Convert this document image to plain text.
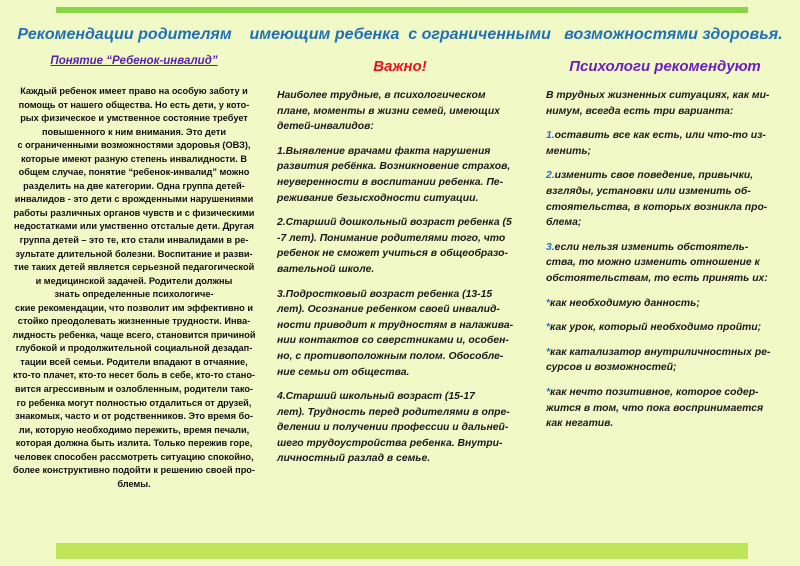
Рекомендации родителям    имеющим ребенка  с ограниченными   возможностями здоровья.
Понятие “Ребенок-инвалид”	Важно!	Психологи рекомендуют
Каждый ребенок имеет право на особую заботу и
помощь от нашего общества. Но есть дети, у кото-
рых физическое и умственное состояние требует
повышенного к ним внимания. Это дети
с ограниченными возможностями здоровья (ОВЗ),
которые имеют разную степень инвалидности. В
общем случае, понятие “ребенок-инвалид” можно
разделить на две категории. Одна группа детей-
инвалидов - это дети с врожденными нарушениями
работы различных органов чувств и с физическими
недостатками или умственно отсталые дети. Другая
группа детей – это те, кто стали инвалидами в ре-
зультате длительной болезни. Воспитание и разви-
тие таких детей является серьезной педагогической
и медицинской задачей. Родители должны
знать определенные психологиче-
ские рекомендации, что позволит им эффективно и
стойко преодолевать жизненные трудности. Инва-
лидность ребенка, чаще всего, становится причиной
глубокой и продолжительной социальной дезадап-
тации всей семьи. Родители впадают в отчаяние,
кто-то плачет, кто-то несет боль в себе, кто-то стано-
вится агрессивным и озлобленным, родители тако-
го ребенка могут полностью отдалиться от друзей,
знакомых, часто и от родственников. Это время бо-
ли, которую необходимо пережить, время печали,
которая должна быть излита. Только пережив горе,
человек способен рассмотреть ситуацию спокойно,
более конструктивно подойти к решению своей про-
блемы.
Наиболее трудные, в психологическом
плане, моменты в жизни семей, имеющих
детей-инвалидов:
1.Выявление врачами факта нарушения
развития ребёнка. Возникновение страхов,
неуверенности в воспитании ребенка. Пе-
реживание безысходности ситуации.
2.Старший дошкольный возраст ребенка (5
-7 лет). Понимание родителями того, что
ребенок не сможет учиться в общеобразо-
вательной школе.
3.Подростковый возраст ребенка (13-15
лет). Осознание ребенком своей инвалид-
ности приводит к трудностям в налажива-
нии контактов со сверстниками и, особен-
но, с противоположным полом. Обособле-
ние семьи от общества.
4.Старший школьный возраст (15-17
лет). Трудность перед родителями в опре-
делении и получении профессии и дальней-
шего трудоустройства ребенка. Внутри-
личностный разлад в семье.
В трудных жизненных ситуациях, как ми-
нимум, всегда есть три варианта:
1.оставить все как есть, или что-то из-
менить;
2.изменить свое поведение, привычки,
взгляды, установки или изменить об-
стоятельства, в которых возникла про-
блема;
3.если нельзя изменить обстоятель-
ства, то можно изменить отношение к
обстоятельствам, то есть принять их:
*как необходимую данность;
*как урок, который необходимо пройти;
*как катализатор внутриличностных ре-
сурсов и возможностей;
*как нечто позитивное, которое содер-
жится в том, что пока воспринимается
как негатив.
